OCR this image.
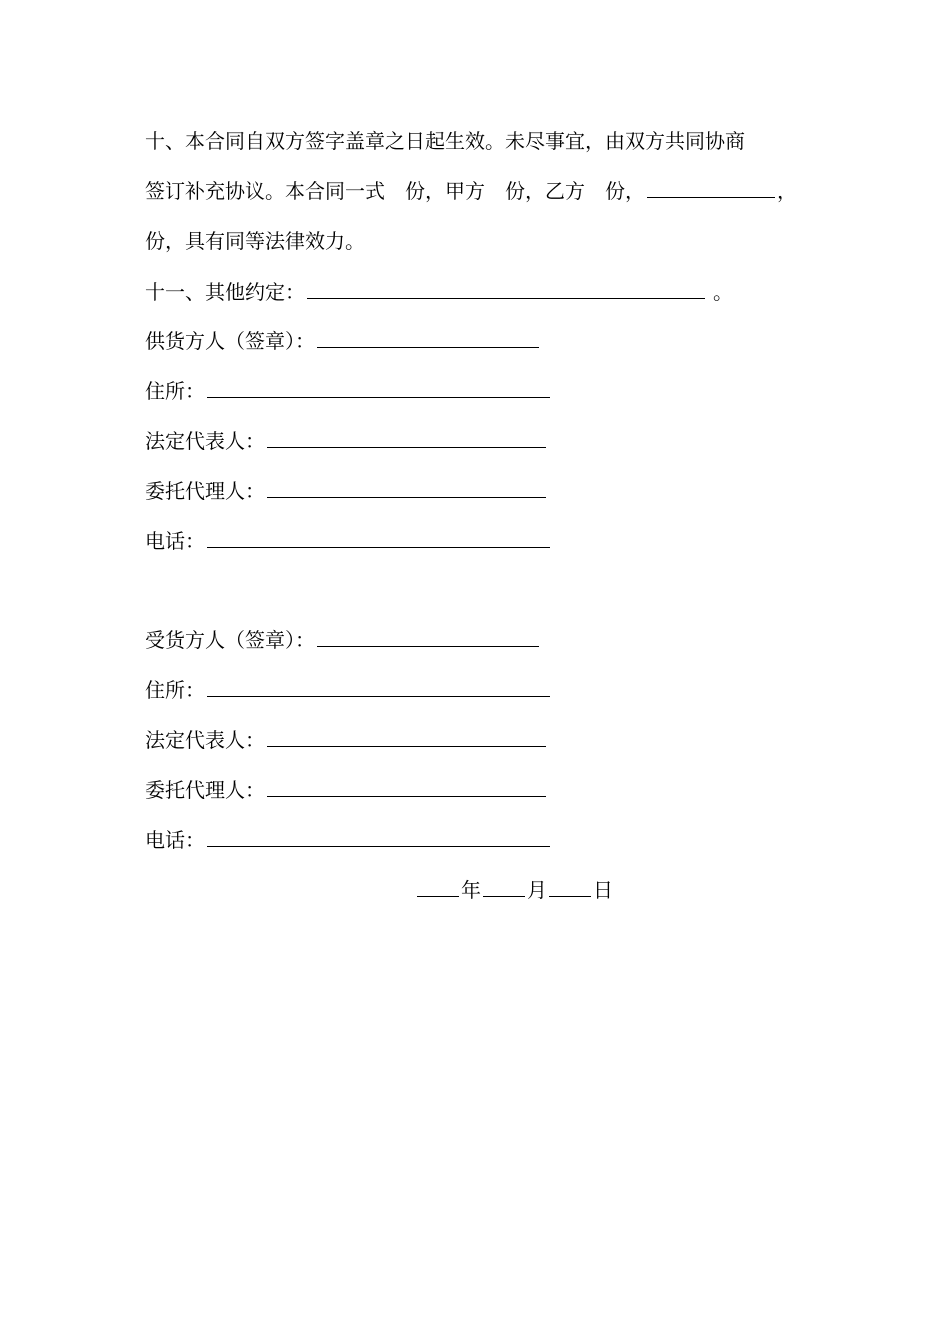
十、本合同自双方签字盖章之日起生效。未尽事宜，由双方共同协商
签订补充协议。本合同一式 份，甲方 份，乙方 份，	，
份，具有同等法律效力。
十一、其他约定：	。
供货方人（签章）：
住所：
法定代表人：
委托代理人：
电话：
受货方人（签章）：
住所：
法定代表人：
委托代理人：
电话：
年 月 日
